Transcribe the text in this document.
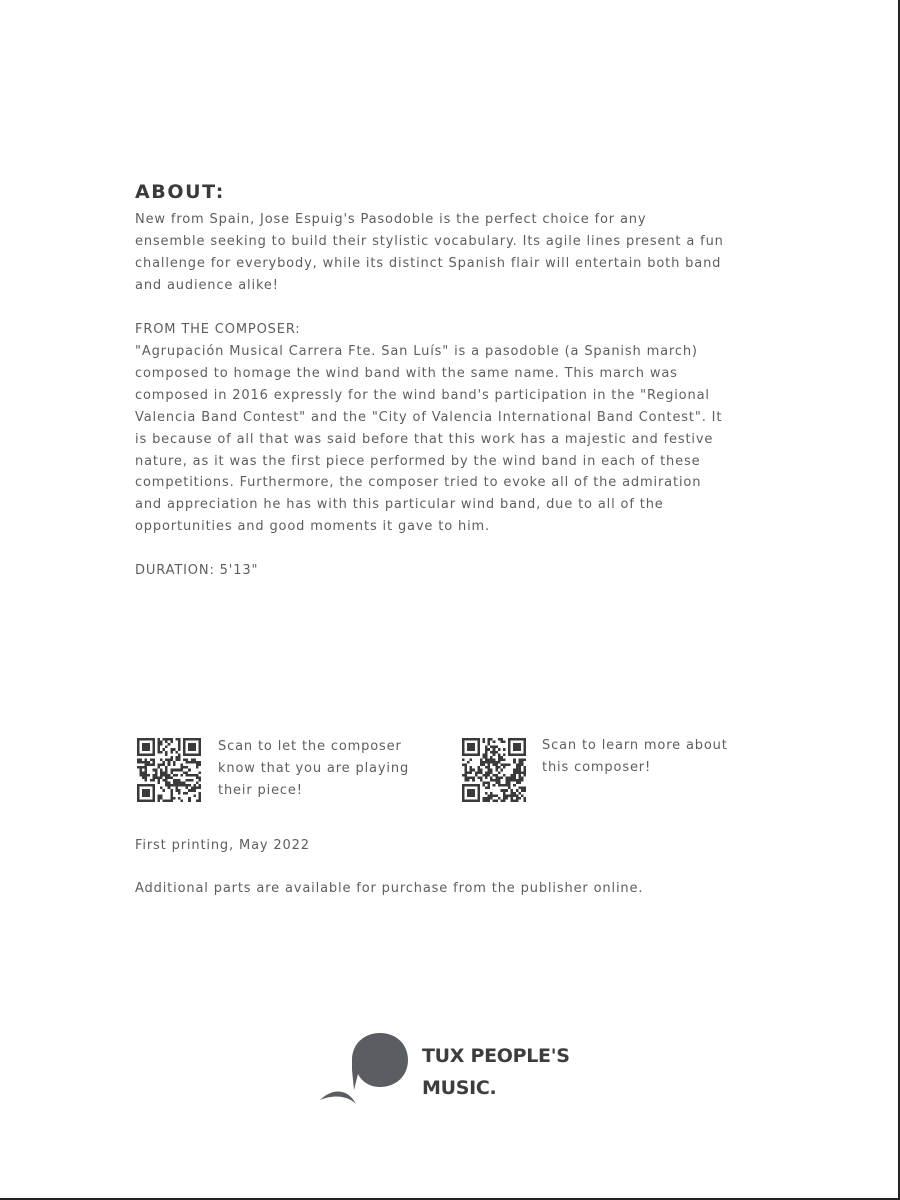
ABOUT:

New from Spain, Jose Espuig's Pasodoble is the perfect choice for any
ensemble seeking to build their stylistic vocabulary. Its agile lines present a fun
challenge for everybody, while its distinct Spanish flair will entertain both band
and audience alike!

FROM THE COMPOSER:

"Agrupación Musical Carrera Fte. San Luís" is a pasodoble (a Spanish march)
composed to homage the wind band with the same name. This march was
composed in 2016 expressly for the wind band's participation in the "Regional
Valencia Band Contest" and the "City of Valencia International Band Contest". It
is because of all that was said before that this work has a majestic and festive
nature, as it was the first piece performed by the wind band in each of these
competitions. Furthermore, the composer tried to evoke all of the admiration
and appreciation he has with this particular wind band, due to all of the
opportunities and good moments it gave to him.

DURATION: 5'13"

Scan to let the composer
know that you are playing
their piece!
Scan to learn more about
this composer!

First printing, May 2022

Additional parts are available for purchase from the publisher online.

TUX PEOPLE'S
MUSIC.
